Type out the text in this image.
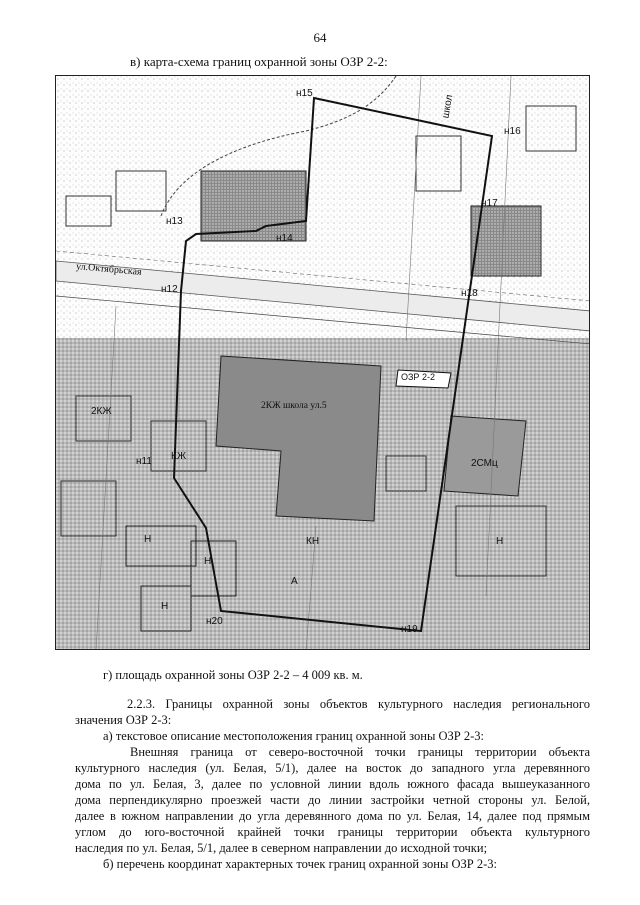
64
в) карта-схема границ охранной зоны ОЗР 2-2:
н15
н16
н13
н14
н17
н12	н18
н11
н19
н20
ОЗР 2-2
ул.Октябрьская
2КЖ школа ул.5
2СМц
2КЖ
КЖ
КН
А
школ
Н
Н
Н
Н
г) площадь охранной зоны ОЗР 2-2 – 4 009 кв. м.
2.2.3. Границы охранной зоны объектов культурного наследия регионального
значения ОЗР 2-3:
а) текстовое описание местоположения границ охранной зоны ОЗР 2-3:
Внешняя граница от северо-восточной точки границы территории объекта
культурного наследия (ул. Белая, 5/1), далее на восток до западного угла деревянного
дома по ул. Белая, 3, далее по условной линии вдоль южного фасада вышеуказанного
дома перпендикулярно проезжей части до линии застройки четной стороны ул. Белой,
далее в южном направлении до угла деревянного дома по ул. Белая, 14, далее под прямым
углом до юго-восточной крайней точки границы территории объекта культурного
наследия по ул. Белая, 5/1, далее в северном направлении до исходной точки;
б) перечень координат характерных точек границ охранной зоны ОЗР 2-3:
